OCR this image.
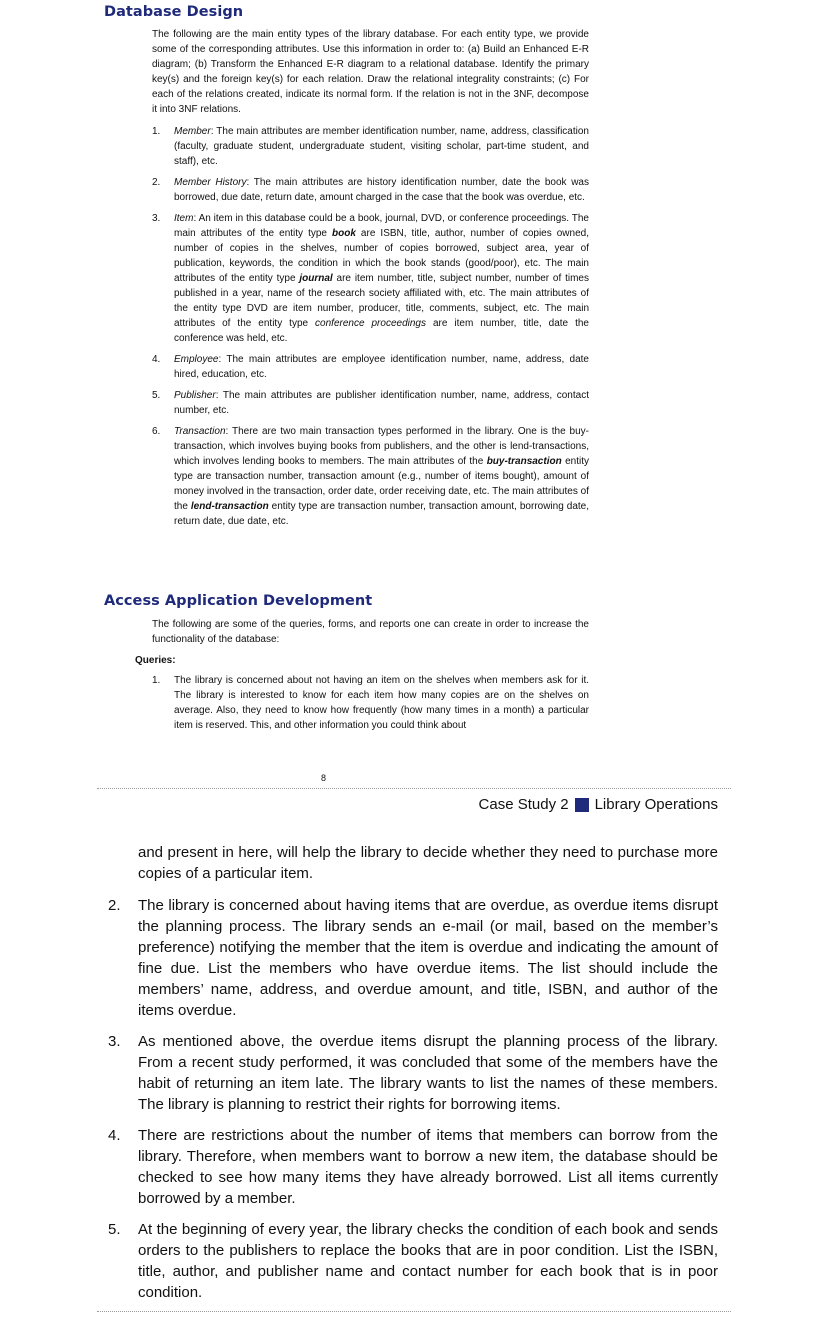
Database Design

The following are the main entity types of the library database. For each entity type, we provide some of the corresponding attributes. Use this information in order to: (a) Build an Enhanced E-R diagram; (b) Transform the Enhanced E-R diagram to a relational database. Identify the primary key(s) and the foreign key(s) for each relation. Draw the relational integrality constraints; (c) For each of the relations created, indicate its normal form. If the relation is not in the 3NF, decompose it into 3NF relations.

1. Member: The main attributes are member identification number, name, address, classification (faculty, graduate student, undergraduate student, visiting scholar, part-time student, and staff), etc.
2. Member History: The main attributes are history identification number, date the book was borrowed, due date, return date, amount charged in the case that the book was overdue, etc.
3. Item: An item in this database could be a book, journal, DVD, or conference proceedings. The main attributes of the entity type book are ISBN, title, author, number of copies owned, number of copies in the shelves, number of copies borrowed, subject area, year of publication, keywords, the condition in which the book stands (good/poor), etc. The main attributes of the entity type journal are item number, title, subject number, number of times published in a year, name of the research society affiliated with, etc. The main attributes of the entity type DVD are item number, producer, title, comments, subject, etc. The main attributes of the entity type conference proceedings are item number, title, date the conference was held, etc.
4. Employee: The main attributes are employee identification number, name, address, date hired, education, etc.
5. Publisher: The main attributes are publisher identification number, name, address, contact number, etc.
6. Transaction: There are two main transaction types performed in the library. One is the buy-transaction, which involves buying books from publishers, and the other is lend-transactions, which involves lending books to members. The main attributes of the buy-transaction entity type are transaction number, transaction amount (e.g., number of items bought), amount of money involved in the transaction, order date, order receiving date, etc. The main attributes of the lend-transaction entity type are transaction number, transaction amount, borrowing date, return date, due date, etc.
Access Application Development

The following are some of the queries, forms, and reports one can create in order to increase the functionality of the database:

Queries:

1. The library is concerned about not having an item on the shelves when members ask for it. The library is interested to know for each item how many copies are on the shelves on average. Also, they need to know how frequently (how many times in a month) a particular item is reserved. This, and other information you could think about
8
Case Study 2 Library Operations

and present in here, will help the library to decide whether they need to purchase more copies of a particular item.

2. The library is concerned about having items that are overdue, as overdue items disrupt the planning process. The library sends an e-mail (or mail, based on the member’s preference) notifying the member that the item is overdue and indicating the amount of fine due. List the members who have overdue items. The list should include the members’ name, address, and overdue amount, and title, ISBN, and author of the items overdue.
3. As mentioned above, the overdue items disrupt the planning process of the library. From a recent study performed, it was concluded that some of the members have the habit of returning an item late. The library wants to list the names of these members. The library is planning to restrict their rights for borrowing items.
4. There are restrictions about the number of items that members can borrow from the library. Therefore, when members want to borrow a new item, the database should be checked to see how many items they have already borrowed. List all items currently borrowed by a member.
5. At the beginning of every year, the library checks the condition of each book and sends orders to the publishers to replace the books that are in poor condition. List the ISBN, title, author, and publisher name and contact number for each book that is in poor condition.
